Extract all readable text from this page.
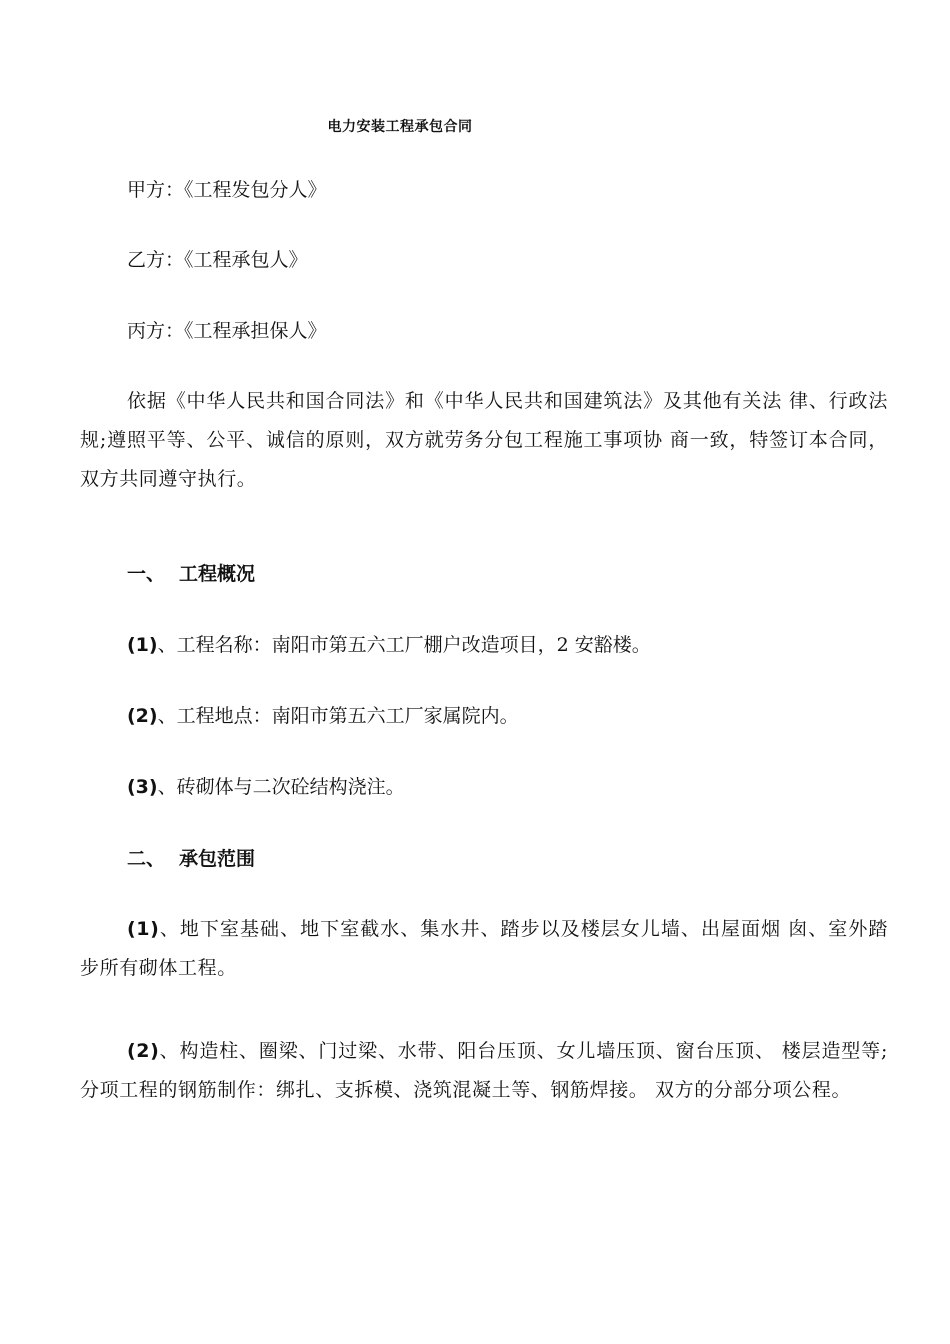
电力安装工程承包合同
甲方：《工程发包分人》
乙方：《工程承包人》
丙方：《工程承担保人》
依据《中华人民共和国合同法》和《中华人民共和国建筑法》及其他有关法 律、行政法规;遵照平等、公平、诚信的原则，双方就劳务分包工程施工事项协 商一致，特签订本合同，双方共同遵守执行。
一、 工程概况
(1)、工程名称：南阳市第五六工厂棚户改造项目，2 安豁楼。
(2)、工程地点：南阳市第五六工厂家属院内。
(3)、砖砌体与二次砼结构浇注。
二、 承包范围
(1)、地下室基础、地下室截水、集水井、踏步以及楼层女儿墙、出屋面烟 囱、室外踏步所有砌体工程。
(2)、构造柱、圈梁、门过梁、水带、阳台压顶、女儿墙压顶、窗台压顶、 楼层造型等;分项工程的钢筋制作：绑扎、支拆模、浇筑混凝土等、钢筋焊接。 双方的分部分项公程。
